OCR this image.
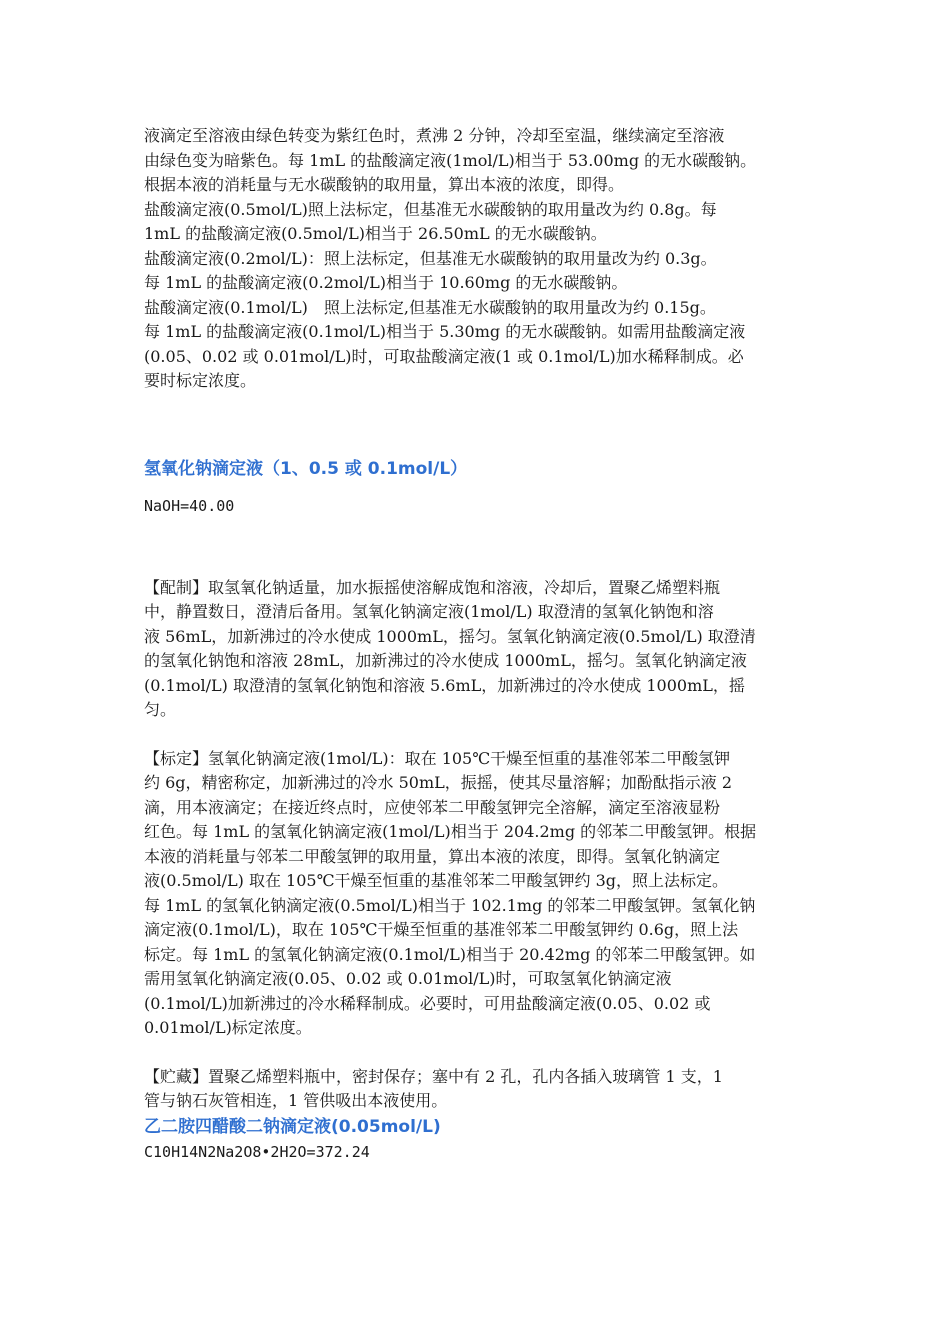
液滴定至溶液由绿色转变为紫红色时，煮沸 2 分钟，冷却至室温，继续滴定至溶液
由绿色变为暗紫色。每 1mL 的盐酸滴定液(1mol/L)相当于 53.00mg 的无水碳酸钠。
根据本液的消耗量与无水碳酸钠的取用量，算出本液的浓度，即得。
盐酸滴定液(0.5mol/L)照上法标定，但基准无水碳酸钠的取用量改为约 0.8g。每
1mL 的盐酸滴定液(0.5mol/L)相当于 26.50mL 的无水碳酸钠。
盐酸滴定液(0.2mol/L)：照上法标定，但基准无水碳酸钠的取用量改为约 0.3g。
每 1mL 的盐酸滴定液(0.2mol/L)相当于 10.60mg 的无水碳酸钠。
盐酸滴定液(0.1mol/L)　照上法标定,但基准无水碳酸钠的取用量改为约 0.15g。
每 1mL 的盐酸滴定液(0.1mol/L)相当于 5.30mg 的无水碳酸钠。如需用盐酸滴定液
(0.05、0.02 或 0.01mol/L)时，可取盐酸滴定液(1 或 0.1mol/L)加水稀释制成。必
要时标定浓度。
氢氧化钠滴定液（1、0.5 或 0.1mol/L）
NaOH=40.00
【配制】取氢氧化钠适量，加水振摇使溶解成饱和溶液，冷却后，置聚乙烯塑料瓶
中，静置数日，澄清后备用。氢氧化钠滴定液(1mol/L) 取澄清的氢氧化钠饱和溶
液 56mL，加新沸过的冷水使成 1000mL，摇匀。氢氧化钠滴定液(0.5mol/L) 取澄清
的氢氧化钠饱和溶液 28mL，加新沸过的冷水使成 1000mL，摇匀。氢氧化钠滴定液
(0.1mol/L) 取澄清的氢氧化钠饱和溶液 5.6mL，加新沸过的冷水使成 1000mL，摇
匀。
【标定】氢氧化钠滴定液(1mol/L)：取在 105℃干燥至恒重的基准邻苯二甲酸氢钾
约 6g，精密称定，加新沸过的冷水 50mL，振摇，使其尽量溶解；加酚酞指示液 2
滴，用本液滴定；在接近终点时，应使邻苯二甲酸氢钾完全溶解，滴定至溶液显粉
红色。每 1mL 的氢氧化钠滴定液(1mol/L)相当于 204.2mg 的邻苯二甲酸氢钾。根据
本液的消耗量与邻苯二甲酸氢钾的取用量，算出本液的浓度，即得。氢氧化钠滴定
液(0.5mol/L) 取在 105℃干燥至恒重的基准邻苯二甲酸氢钾约 3g，照上法标定。
每 1mL 的氢氧化钠滴定液(0.5mol/L)相当于 102.1mg 的邻苯二甲酸氢钾。氢氧化钠
滴定液(0.1mol/L)，取在 105℃干燥至恒重的基准邻苯二甲酸氢钾约 0.6g，照上法
标定。每 1mL 的氢氧化钠滴定液(0.1mol/L)相当于 20.42mg 的邻苯二甲酸氢钾。如
需用氢氧化钠滴定液(0.05、0.02 或 0.01mol/L)时，可取氢氧化钠滴定液
(0.1mol/L)加新沸过的冷水稀释制成。必要时，可用盐酸滴定液(0.05、0.02 或
0.01mol/L)标定浓度。
【贮藏】置聚乙烯塑料瓶中，密封保存；塞中有 2 孔，孔内各插入玻璃管 1 支，1
管与钠石灰管相连，1 管供吸出本液使用。
乙二胺四醋酸二钠滴定液(0.05mol/L)
C10H14N2Na2O8•2H2O=372.24
